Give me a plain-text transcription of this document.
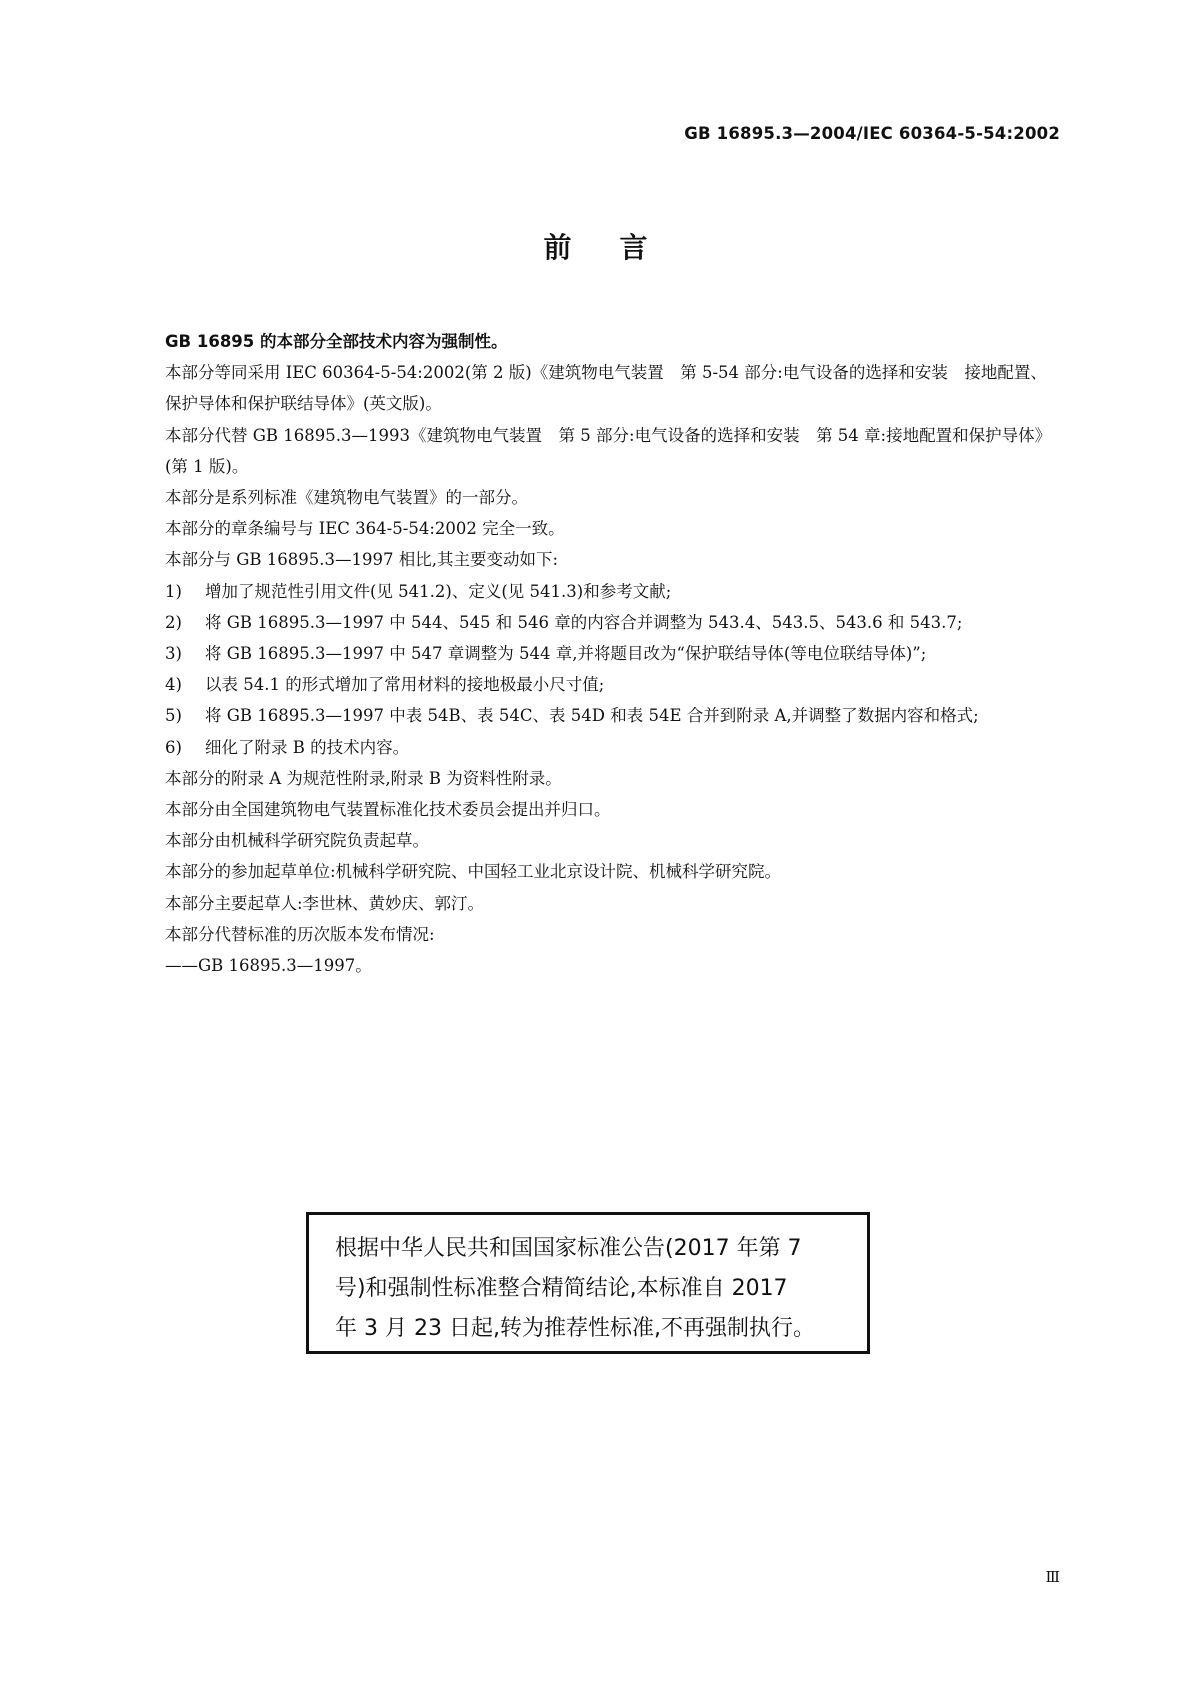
GB 16895.3—2004/IEC 60364-5-54:2002
前言

GB 16895 的本部分全部技术内容为强制性。

本部分等同采用 IEC 60364-5-54:2002(第 2 版)《建筑物电气装置　第 5-54 部分:电气设备的选择和安装　接地配置、保护导体和保护联结导体》(英文版)。

本部分代替 GB 16895.3—1993《建筑物电气装置　第 5 部分:电气设备的选择和安装　第 54 章:接地配置和保护导体》(第 1 版)。

本部分是系列标准《建筑物电气装置》的一部分。

本部分的章条编号与 IEC 364-5-54:2002 完全一致。

本部分与 GB 16895.3—1997 相比,其主要变动如下:

1)	增加了规范性引用文件(见 541.2)、定义(见 541.3)和参考文献;
2)	将 GB 16895.3—1997 中 544、545 和 546 章的内容合并调整为 543.4、543.5、543.6 和 543.7;
3)	将 GB 16895.3—1997 中 547 章调整为 544 章,并将题目改为“保护联结导体(等电位联结导体)”;
4)	以表 54.1 的形式增加了常用材料的接地极最小尺寸值;
5)	将 GB 16895.3—1997 中表 54B、表 54C、表 54D 和表 54E 合并到附录 A,并调整了数据内容和格式;
6)	细化了附录 B 的技术内容。

本部分的附录 A 为规范性附录,附录 B 为资料性附录。

本部分由全国建筑物电气装置标准化技术委员会提出并归口。

本部分由机械科学研究院负责起草。

本部分的参加起草单位:机械科学研究院、中国轻工业北京设计院、机械科学研究院。

本部分主要起草人:李世林、黄妙庆、郭汀。

本部分代替标准的历次版本发布情况:

——GB 16895.3—1997。

根据中华人民共和国国家标准公告(2017 年第 7
号)和强制性标准整合精简结论,本标准自 2017
年 3 月 23 日起,转为推荐性标准,不再强制执行。
Ⅲ
